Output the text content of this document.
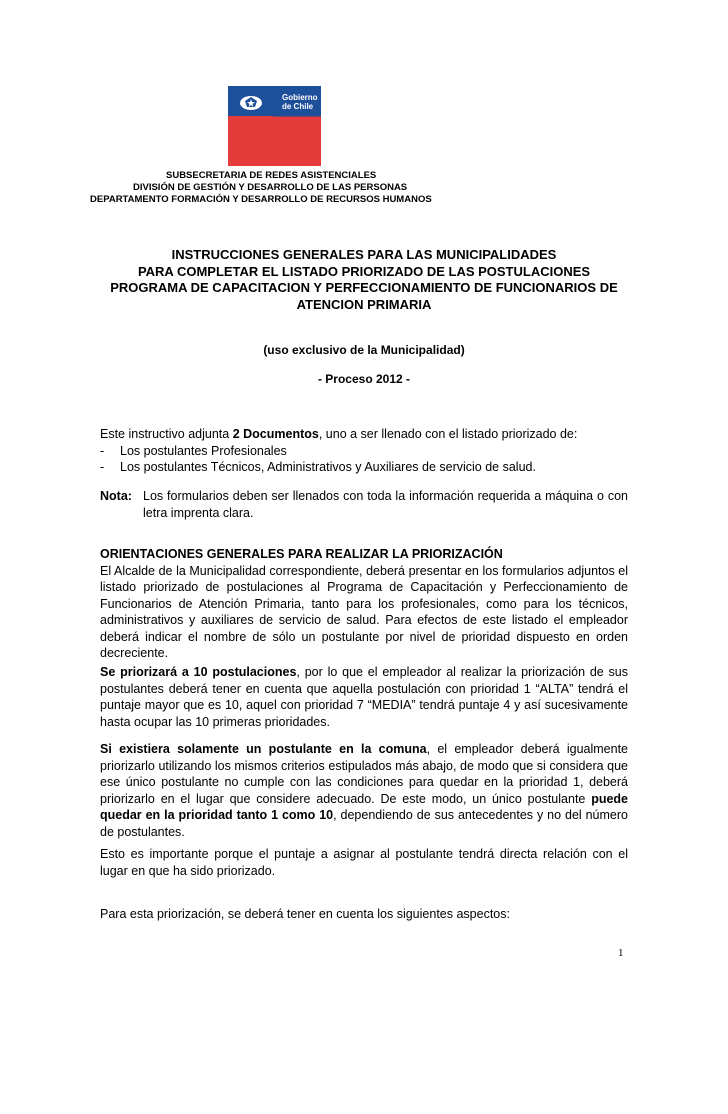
Gobierno
de Chile
SUBSECRETARIA DE REDES ASISTENCIALES
DIVISIÓN DE GESTIÓN Y DESARROLLO DE LAS PERSONAS
DEPARTAMENTO FORMACIÓN Y DESARROLLO DE RECURSOS HUMANOS
INSTRUCCIONES GENERALES PARA LAS MUNICIPALIDADES
PARA COMPLETAR EL LISTADO PRIORIZADO DE LAS POSTULACIONES
PROGRAMA DE CAPACITACION Y PERFECCIONAMIENTO DE FUNCIONARIOS DE
ATENCION PRIMARIA
(uso exclusivo de la Municipalidad)
- Proceso 2012 -
Este instructivo adjunta 2 Documentos, uno a ser llenado con el listado priorizado de:
-	Los postulantes Profesionales
-	Los postulantes Técnicos, Administrativos y Auxiliares de servicio de salud.
Nota: Los formularios deben ser llenados con toda la información requerida a máquina o con letra imprenta clara.
ORIENTACIONES GENERALES PARA REALIZAR LA PRIORIZACIÓN
El Alcalde de la Municipalidad correspondiente, deberá presentar en los formularios adjuntos el listado priorizado de postulaciones al Programa de Capacitación y Perfeccionamiento de Funcionarios de Atención Primaria, tanto para los profesionales, como para los técnicos, administrativos y auxiliares de servicio de salud. Para efectos de este listado el empleador deberá indicar el nombre de sólo un postulante por nivel de prioridad dispuesto en orden decreciente.
Se priorizará a 10 postulaciones, por lo que el empleador al realizar la priorización de sus postulantes deberá tener en cuenta que aquella postulación con prioridad 1 “ALTA” tendrá el puntaje mayor que es 10, aquel con prioridad 7 “MEDIA” tendrá puntaje 4 y así sucesivamente hasta ocupar las 10 primeras prioridades.
Si existiera solamente un postulante en la comuna, el empleador deberá igualmente priorizarlo utilizando los mismos criterios estipulados más abajo, de modo que si considera que ese único postulante no cumple con las condiciones para quedar en la prioridad 1, deberá priorizarlo en el lugar que considere adecuado. De este modo, un único postulante puede quedar en la prioridad tanto 1 como 10, dependiendo de sus antecedentes y no del número de postulantes.
Esto es importante porque el puntaje a asignar al postulante tendrá directa relación con el lugar en que ha sido priorizado.
Para esta priorización, se deberá tener en cuenta los siguientes aspectos:
1
